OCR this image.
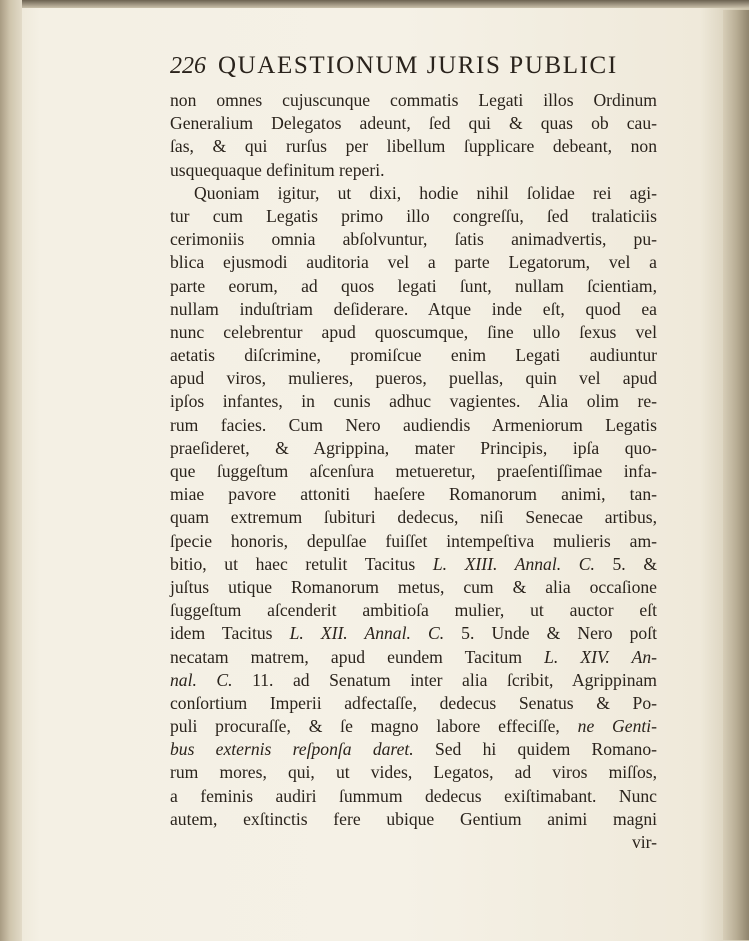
226 QUAESTIONUM JURIS PUBLICI
non omnes cujuscunque commatis Legati illos Ordinum
Generalium Delegatos adeunt, ſed qui & quas ob cau-
ſas, & qui rurſus per libellum ſupplicare debeant, non
usquequaque definitum reperi.
Quoniam igitur, ut dixi, hodie nihil ſolidae rei agi-
tur cum Legatis primo illo congreſſu, ſed tralaticiis
cerimoniis omnia abſolvuntur, ſatis animadvertis, pu-
blica ejusmodi auditoria vel a parte Legatorum, vel a
parte eorum, ad quos legati ſunt, nullam ſcientiam,
nullam induſtriam deſiderare. Atque inde eſt, quod ea
nunc celebrentur apud quoscumque, ſine ullo ſexus vel
aetatis diſcrimine, promiſcue enim Legati audiuntur
apud viros, mulieres, pueros, puellas, quin vel apud
ipſos infantes, in cunis adhuc vagientes. Alia olim re-
rum facies. Cum Nero audiendis Armeniorum Legatis
praeſideret, & Agrippina, mater Principis, ipſa quo-
que ſuggeſtum aſcenſura metueretur, praeſentiſſimae infa-
miae pavore attoniti haeſere Romanorum animi, tan-
quam extremum ſubituri dedecus, niſi Senecae artibus,
ſpecie honoris, depulſae fuiſſet intempeſtiva mulieris am-
bitio, ut haec retulit Tacitus L. XIII. Annal. C. 5. &
juſtus utique Romanorum metus, cum & alia occaſione
ſuggeſtum aſcenderit ambitioſa mulier, ut auctor eſt
idem Tacitus L. XII. Annal. C. 5. Unde & Nero poſt
necatam matrem, apud eundem Tacitum L. XIV. An-
nal. C. 11. ad Senatum inter alia ſcribit, Agrippinam
conſortium Imperii adfectaſſe, dedecus Senatus & Po-
puli procuraſſe, & ſe magno labore effeciſſe, ne Genti-
bus externis reſponſa daret. Sed hi quidem Romano-
rum mores, qui, ut vides, Legatos, ad viros miſſos,
a feminis audiri ſummum dedecus exiſtimabant. Nunc
autem, exſtinctis fere ubique Gentium animi magni
vir-
